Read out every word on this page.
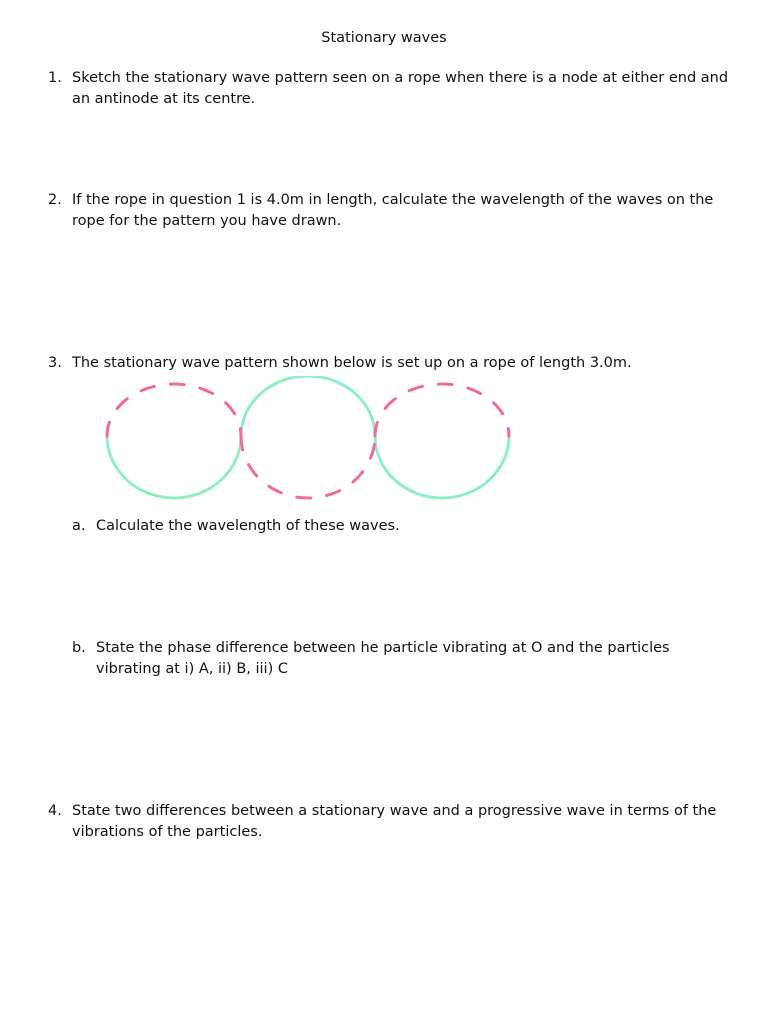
Stationary waves
1. Sketch the stationary wave pattern seen on a rope when there is a node at either end and an antinode at its centre.
2. If the rope in question 1 is 4.0m in length, calculate the wavelength of the waves on the rope for the pattern you have drawn.
3. The stationary wave pattern shown below is set up on a rope of length 3.0m.
a. Calculate the wavelength of these waves.
b. State the phase difference between he particle vibrating at O and the particles vibrating at i) A, ii) B, iii) C
4. State two differences between a stationary wave and a progressive wave in terms of the vibrations of the particles.
